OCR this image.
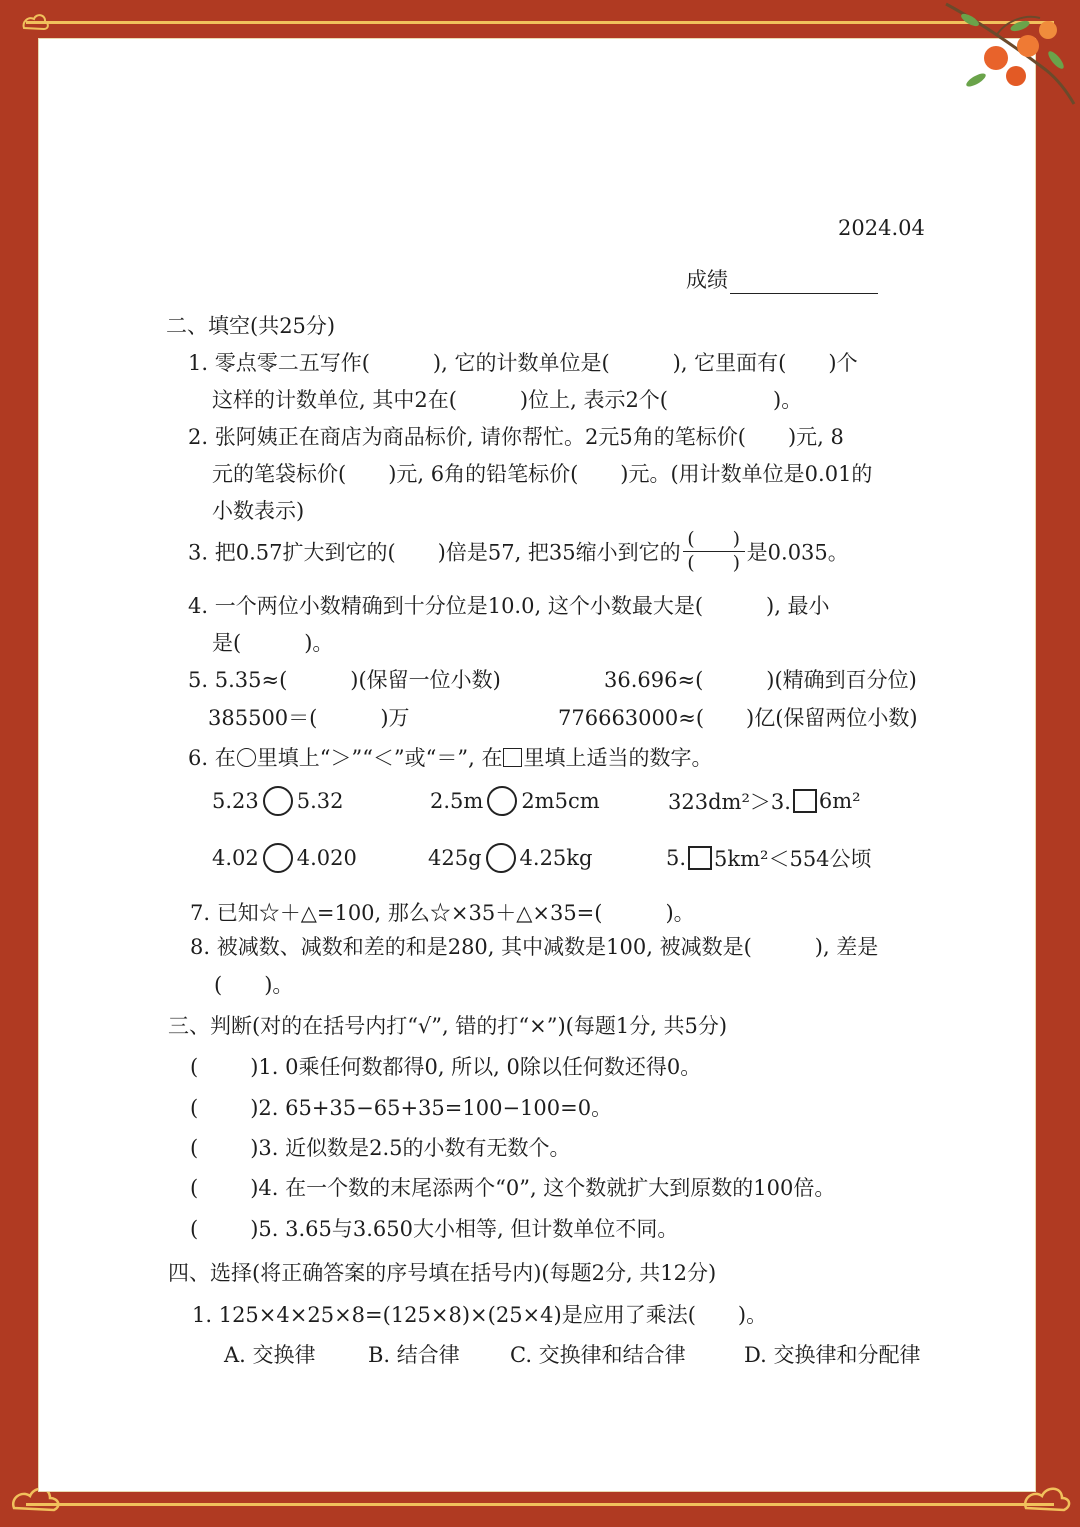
2024.04
成绩
二、填空(共25分)
1. 零点零二五写作(　　　), 它的计数单位是(　　　), 它里面有(　　)个
这样的计数单位, 其中2在(　　　)位上, 表示2个(　　　　　)。
2. 张阿姨正在商店为商品标价, 请你帮忙。2元5角的笔标价(　　)元, 8
元的笔袋标价(　　)元, 6角的铅笔标价(　　)元。(用计数单位是0.01的
小数表示)
3. 把0.57扩大到它的(　　)倍是57, 把35缩小到它的 $\frac{( )}{( )}$ 是0.035。
4. 一个两位小数精确到十分位是10.0, 这个小数最大是(　　　), 最小
是(　　　)。
5. 5.35≈(　　　)(保留一位小数)	36.696≈(　　　)(精确到百分位)
385500＝(　　　)万	776663000≈(　　)亿(保留两位小数)
6. 在 里填上“＞”“＜”或“＝”, 在 里填上适当的数字。
5.23 5.32	2.5m 2m5cm	323dm²＞3. 6m²
4.02 4.020	425g 4.25kg	5. 5km²＜554公顷
7. 已知☆＋△=100, 那么☆×35＋△×35=(　　　)。
8. 被减数、减数和差的和是280, 其中减数是100, 被减数是(　　　), 差是
(　　)。
三、判断(对的在括号内打“√”, 错的打“×”)(每题1分, 共5分)
( )1. 0乘任何数都得0, 所以, 0除以任何数还得0。
( )2. 65+35−65+35=100−100=0。
( )3. 近似数是2.5的小数有无数个。
( )4. 在一个数的末尾添两个“0”, 这个数就扩大到原数的100倍。
( )5. 3.65与3.650大小相等, 但计数单位不同。
四、选择(将正确答案的序号填在括号内)(每题2分, 共12分)
1. 125×4×25×8=(125×8)×(25×4)是应用了乘法(　　)。
A. 交换律 B. 结合律 C. 交换律和结合律	D. 交换律和分配律
